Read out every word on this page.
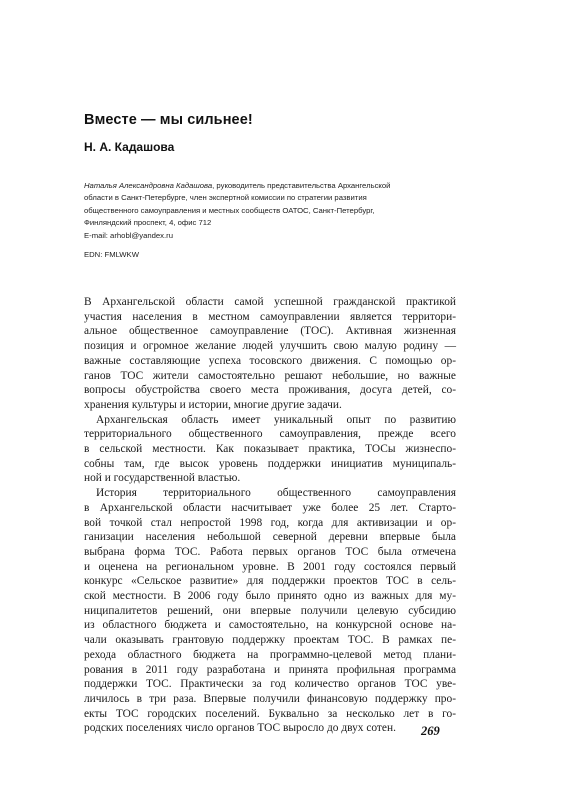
Вместе — мы сильнее!
Н. А. Кадашова
Наталья Александровна Кадашова, руководитель представительства Архангельской
области в Санкт-Петербурге, член экспертной комиссии по стратегии развития
общественного самоуправления и местных сообществ ОАТОС, Санкт-Петербург,
Финляндский проспект, 4, офис 712
E-mail: arhobl@yandex.ru
EDN: FMLWKW
В Архангельской области самой успешной гражданской практикой
участия населения в местном самоуправлении является территори-
альное общественное самоуправление (ТОС). Активная жизненная
позиция и огромное желание людей улучшить свою малую родину —
важные составляющие успеха тосовского движения. С помощью ор-
ганов ТОС жители самостоятельно решают небольшие, но важные
вопросы обустройства своего места проживания, досуга детей, со-
хранения культуры и истории, многие другие задачи.
Архангельская область имеет уникальный опыт по развитию
территориального общественного самоуправления, прежде всего
в сельской местности. Как показывает практика, ТОСы жизнеспо-
собны там, где высок уровень поддержки инициатив муниципаль-
ной и государственной властью.
История территориального общественного самоуправления
в Архангельской области насчитывает уже более 25 лет. Старто-
вой точкой стал непростой 1998 год, когда для активизации и ор-
ганизации населения небольшой северной деревни впервые была
выбрана форма ТОС. Работа первых органов ТОС была отмечена
и оценена на региональном уровне. В 2001 году состоялся первый
конкурс «Сельское развитие» для поддержки проектов ТОС в сель-
ской местности. В 2006 году было принято одно из важных для му-
ниципалитетов решений, они впервые получили целевую субсидию
из областного бюджета и самостоятельно, на конкурсной основе на-
чали оказывать грантовую поддержку проектам ТОС. В рамках пе-
рехода областного бюджета на программно-целевой метод плани-
рования в 2011 году разработана и принята профильная программа
поддержки ТОС. Практически за год количество органов ТОС уве-
личилось в три раза. Впервые получили финансовую поддержку про-
екты ТОС городских поселений. Буквально за несколько лет в го-
родских поселениях число органов ТОС выросло до двух сотен.	269
